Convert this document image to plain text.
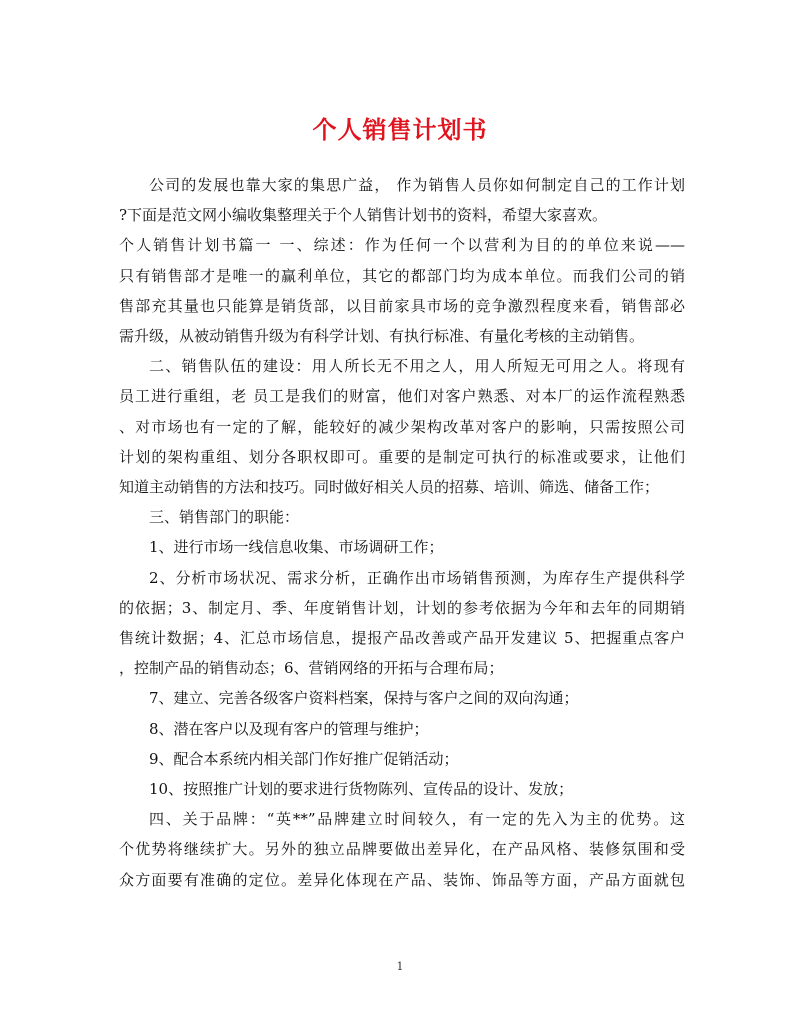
个人销售计划书

公司的发展也靠大家的集思广益， 作为销售人员你如何制定自己的工作计划

?下面是范文网小编收集整理关于个人销售计划书的资料，希望大家喜欢。

个人销售计划书篇一 一、综述：作为任何一个以营利为目的的单位来说——

只有销售部才是唯一的赢利单位，其它的都部门均为成本单位。而我们公司的销

售部充其量也只能算是销货部，以目前家具市场的竞争激烈程度来看，销售部必

需升级，从被动销售升级为有科学计划、有执行标准、有量化考核的主动销售。

二、销售队伍的建设：用人所长无不用之人，用人所短无可用之人。将现有

员工进行重组，老 员工是我们的财富，他们对客户熟悉、对本厂的运作流程熟悉

、对市场也有一定的了解，能较好的减少架构改革对客户的影响，只需按照公司

计划的架构重组、划分各职权即可。重要的是制定可执行的标准或要求，让他们

知道主动销售的方法和技巧。同时做好相关人员的招募、培训、筛选、储备工作；

三、销售部门的职能：

1、进行市场一线信息收集、市场调研工作；

2、分析市场状况、需求分析，正确作出市场销售预测，为库存生产提供科学

的依据；3、制定月、季、年度销售计划，计划的参考依据为今年和去年的同期销

售统计数据；4、汇总市场信息，提报产品改善或产品开发建议 5、把握重点客户

，控制产品的销售动态；6、营销网络的开拓与合理布局；

7、建立、完善各级客户资料档案，保持与客户之间的双向沟通；

8、潜在客户以及现有客户的管理与维护；

9、配合本系统内相关部门作好推广促销活动；

10、按照推广计划的要求进行货物陈列、宣传品的设计、发放；

四、关于品牌：“英**”品牌建立时间较久，有一定的先入为主的优势。这

个优势将继续扩大。另外的独立品牌要做出差异化，在产品风格、装修氛围和受

众方面要有准确的定位。差异化体现在产品、装饰、饰品等方面，产品方面就包

1
